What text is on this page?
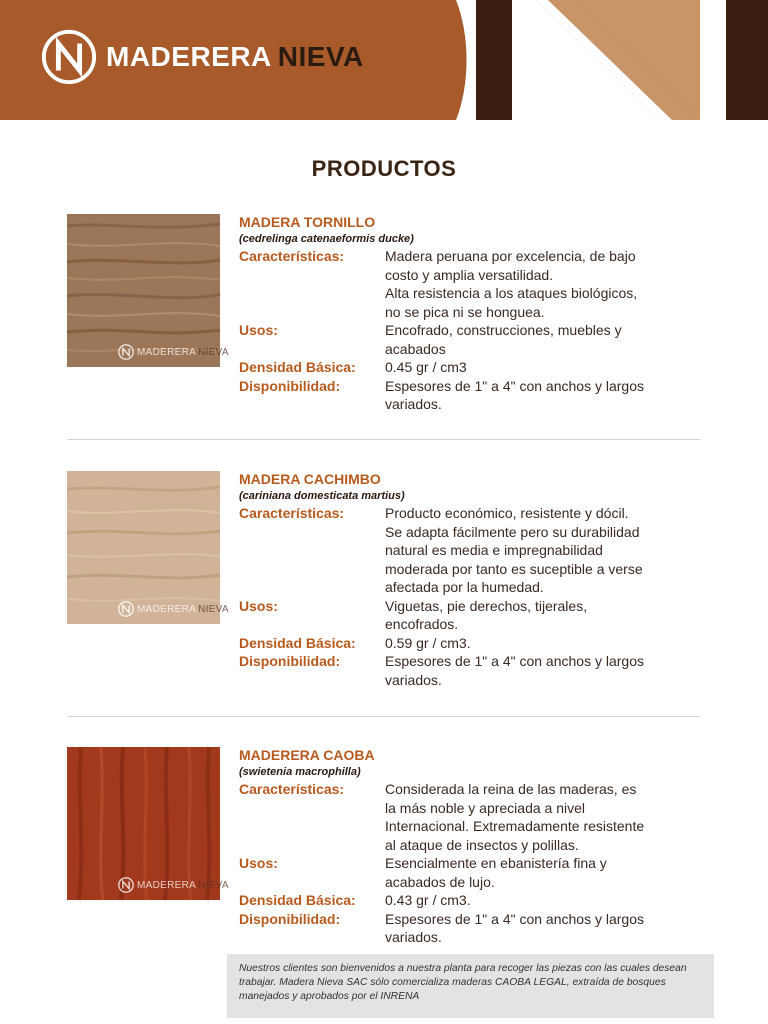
MADERERA NIEVA
PRODUCTOS
MADERERA NIEVA
MADERA TORNILLO
(cedrelinga catenaeformis ducke)
Características:	Madera peruana por excelencia, de bajo
costo y amplia versatilidad.
Alta resistencia a los ataques biológicos,
no se pica ni se honguea.
Usos:	Encofrado, construcciones, muebles y
acabados
Densidad Básica:	0.45 gr / cm3
Disponibilidad:	Espesores de 1" a 4" con anchos y largos
variados.
MADERERA NIEVA
MADERA CACHIMBO
(cariniana domesticata martius)
Características:	Producto económico, resistente y dócil.
Se adapta fácilmente pero su durabilidad
natural es media e impregnabilidad
moderada por tanto es suceptible a verse
afectada por la humedad.
Usos:	Viguetas, pie derechos, tijerales,
encofrados.
Densidad Básica:	0.59 gr / cm3.
Disponibilidad:	Espesores de 1" a 4" con anchos y largos
variados.
MADERERA NIEVA
MADERERA CAOBA
(swietenia macrophilla)
Características:	Considerada la reina de las maderas, es
la más noble y apreciada a nivel
Internacional. Extremadamente resistente
al ataque de insectos y polillas.
Usos:	Esencialmente en ebanistería fina y
acabados de lujo.
Densidad Básica:	0.43 gr / cm3.
Disponibilidad:	Espesores de 1" a 4" con anchos y largos
variados.
Nuestros clientes son bienvenidos a nuestra planta para recoger las piezas con las cuales desean trabajar. Madera Nieva SAC sólo comercializa maderas CAOBA LEGAL, extraída de bosques manejados y aprobados por el INRENA
